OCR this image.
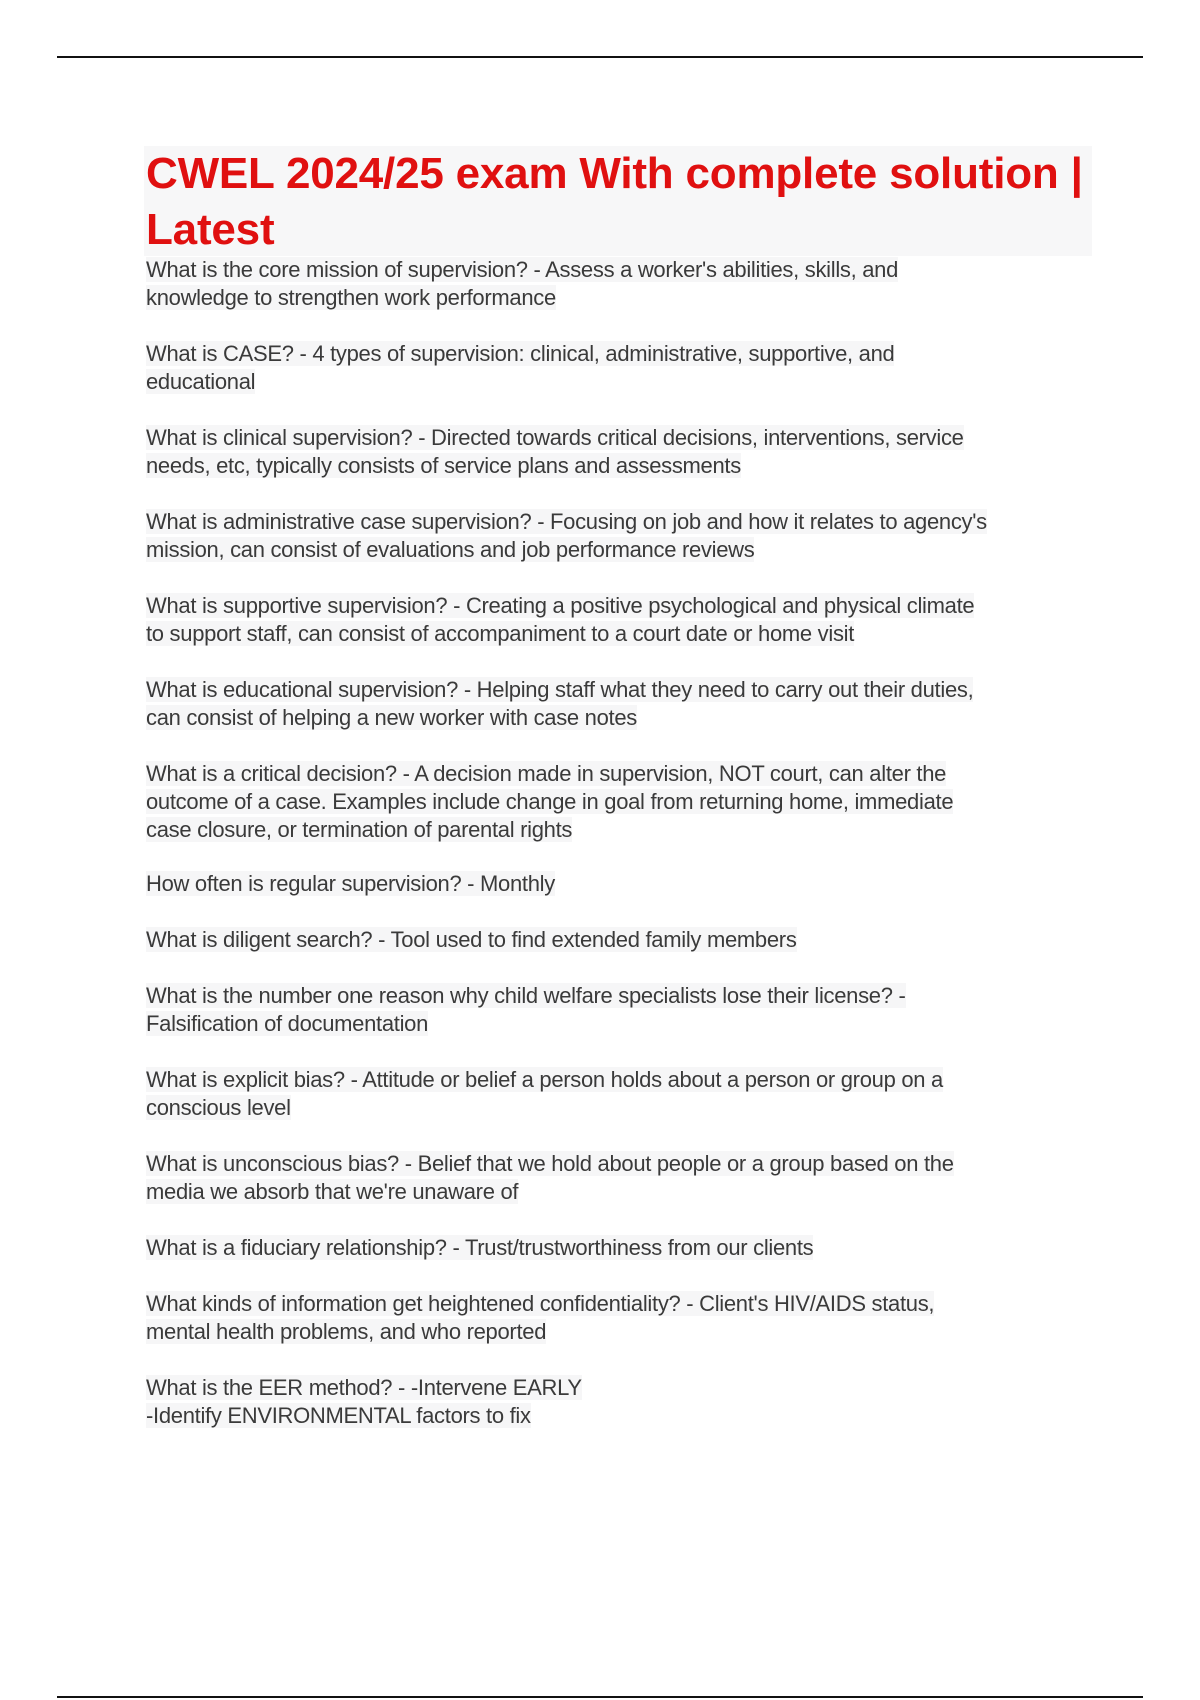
CWEL 2024/25 exam With complete solution | Latest

What is the core mission of supervision? - Assess a worker's abilities, skills, and
knowledge to strengthen work performance

What is CASE? - 4 types of supervision: clinical, administrative, supportive, and
educational

What is clinical supervision? - Directed towards critical decisions, interventions, service
needs, etc, typically consists of service plans and assessments

What is administrative case supervision? - Focusing on job and how it relates to agency's
mission, can consist of evaluations and job performance reviews

What is supportive supervision? - Creating a positive psychological and physical climate
to support staff, can consist of accompaniment to a court date or home visit

What is educational supervision? - Helping staff what they need to carry out their duties,
can consist of helping a new worker with case notes

What is a critical decision? - A decision made in supervision, NOT court, can alter the
outcome of a case. Examples include change in goal from returning home, immediate
case closure, or termination of parental rights

How often is regular supervision? - Monthly

What is diligent search? - Tool used to find extended family members

What is the number one reason why child welfare specialists lose their license? -
Falsification of documentation

What is explicit bias? - Attitude or belief a person holds about a person or group on a
conscious level

What is unconscious bias? - Belief that we hold about people or a group based on the
media we absorb that we're unaware of

What is a fiduciary relationship? - Trust/trustworthiness from our clients

What kinds of information get heightened confidentiality? - Client's HIV/AIDS status,
mental health problems, and who reported

What is the EER method? - -Intervene EARLY
-Identify ENVIRONMENTAL factors to fix
